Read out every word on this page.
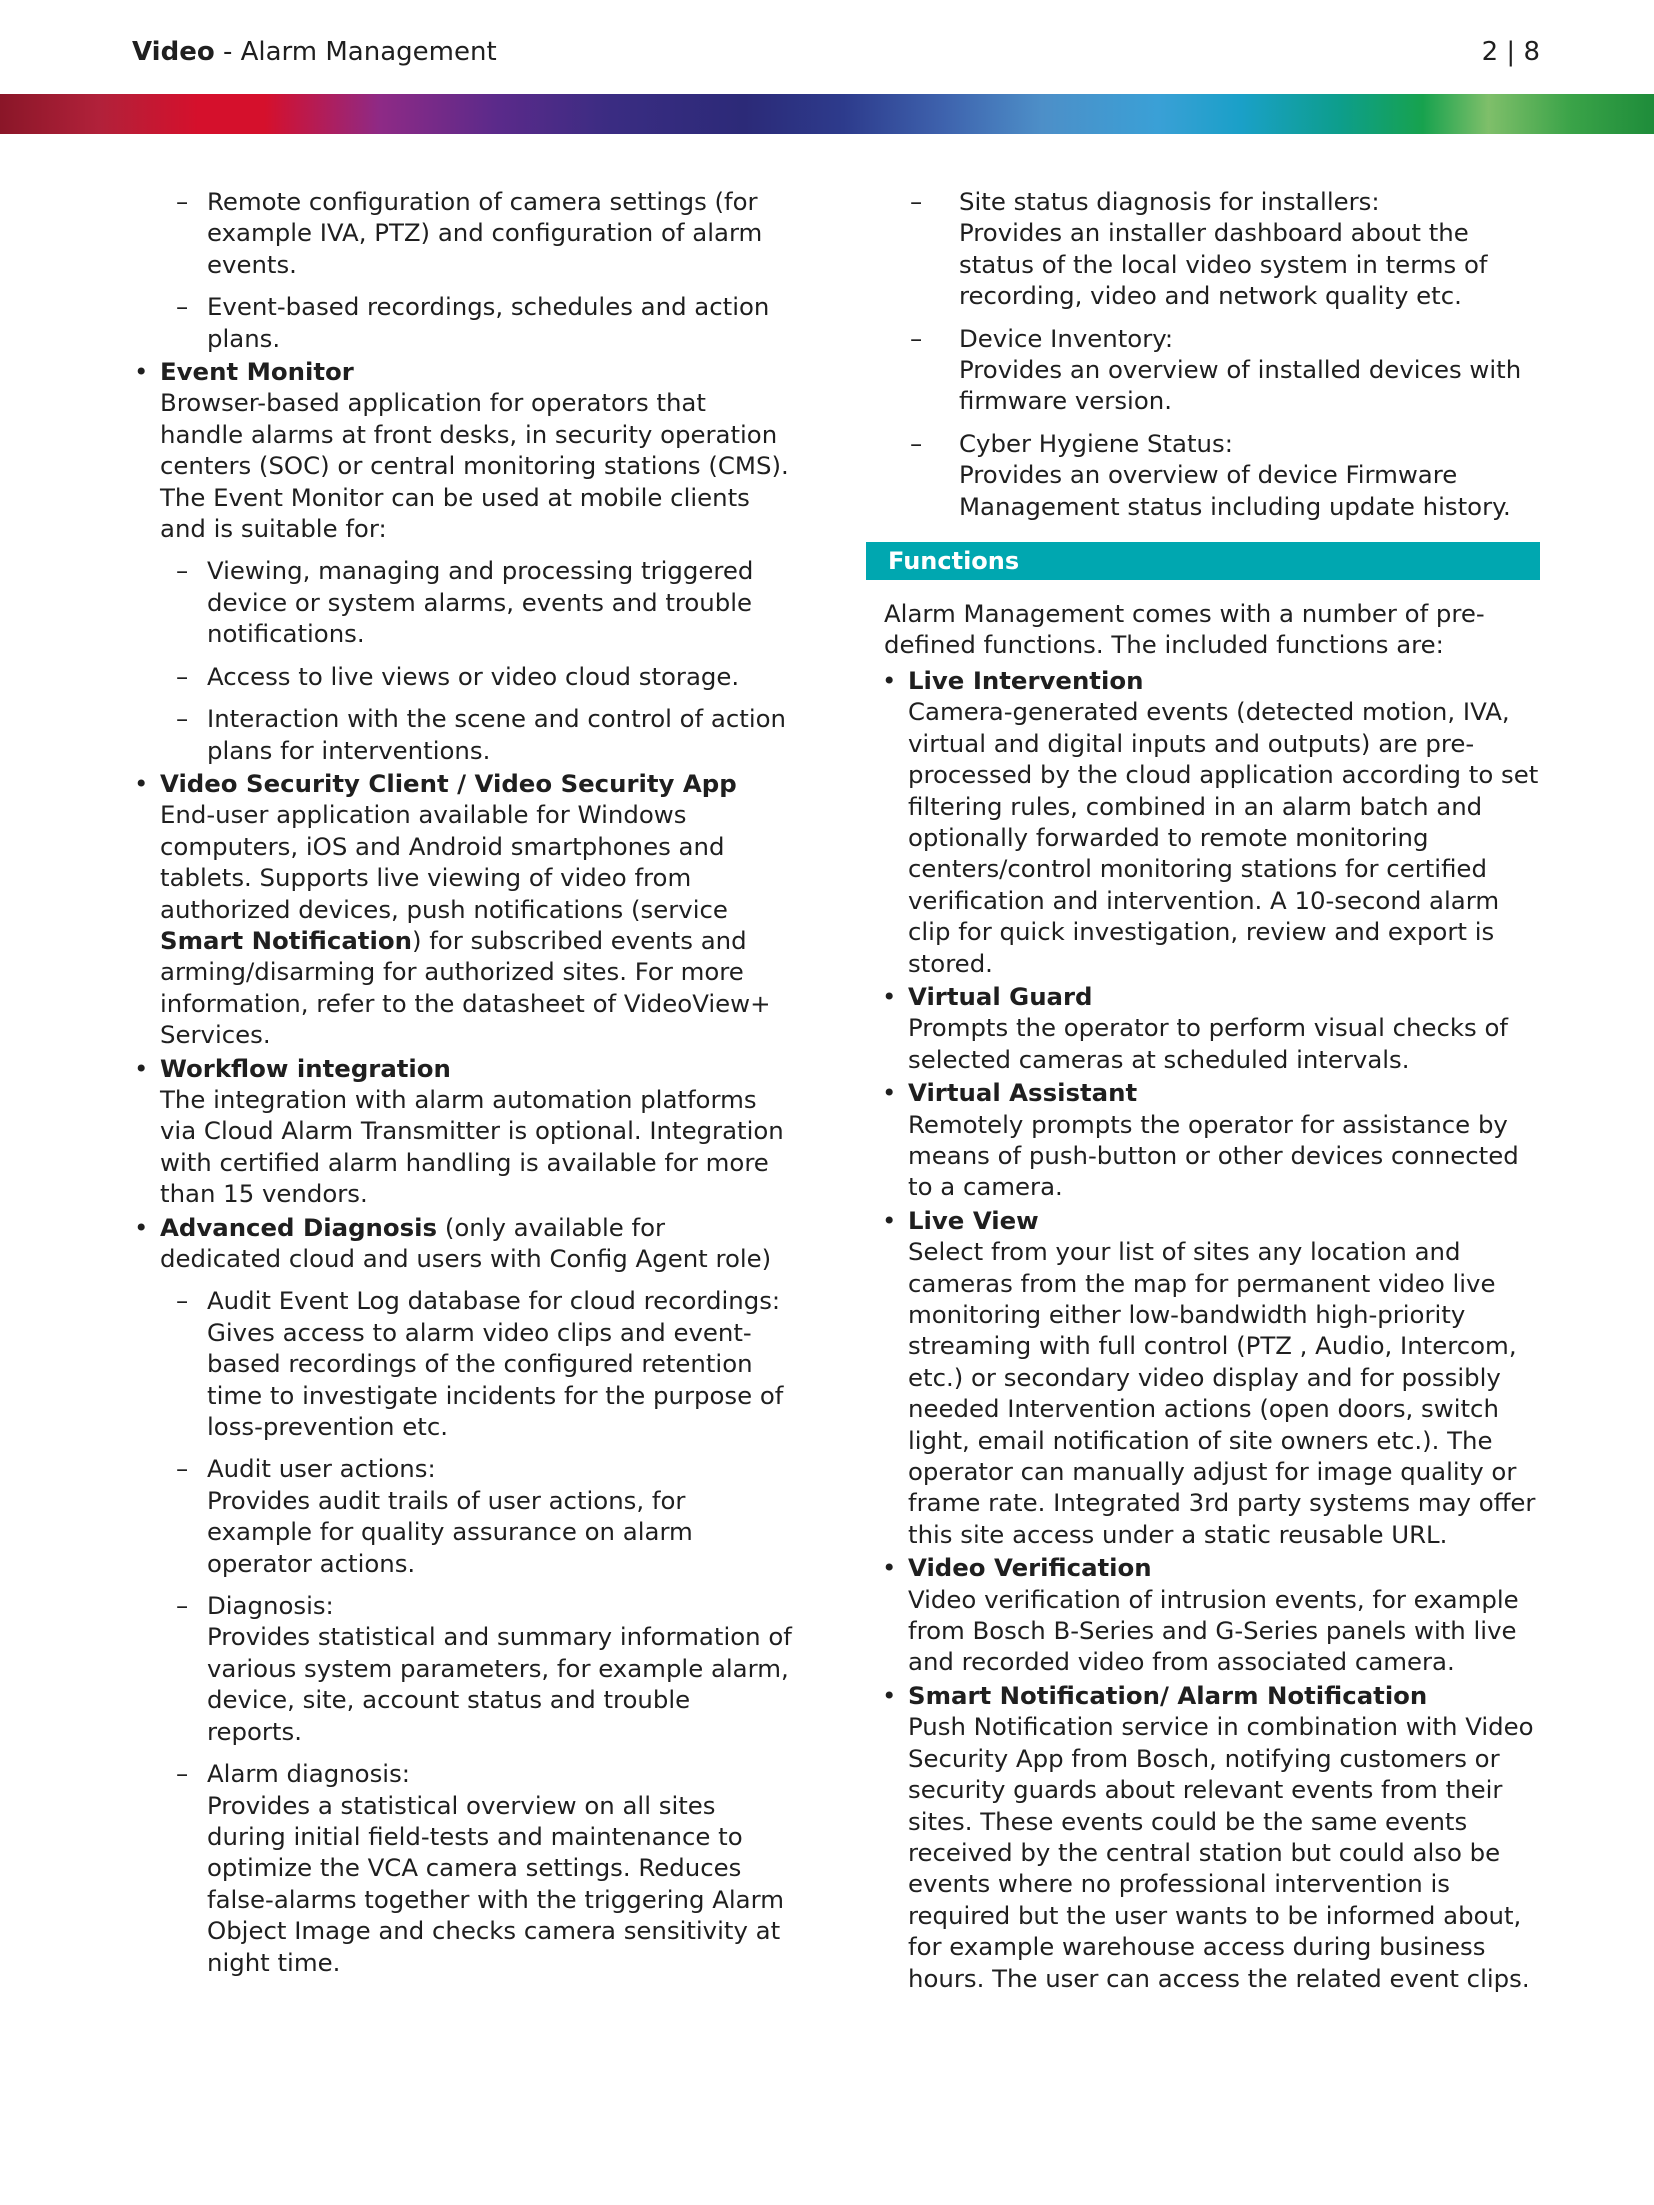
Video - Alarm Management	2 | 8
– Remote configuration of camera settings (for example IVA, PTZ) and configuration of alarm events.
– Event-based recordings, schedules and action plans.
• Event Monitor
Browser-based application for operators that handle alarms at front desks, in security operation centers (SOC) or central monitoring stations (CMS). The Event Monitor can be used at mobile clients and is suitable for:
– Viewing, managing and processing triggered device or system alarms, events and trouble notifications.
– Access to live views or video cloud storage.
– Interaction with the scene and control of action plans for interventions.
• Video Security Client / Video Security App
End-user application available for Windows computers, iOS and Android smartphones and tablets. Supports live viewing of video from authorized devices, push notifications (service Smart Notification) for subscribed events and arming/disarming for authorized sites. For more information, refer to the datasheet of VideoView+ Services.
• Workflow integration
The integration with alarm automation platforms via Cloud Alarm Transmitter is optional. Integration with certified alarm handling is available for more than 15 vendors.
• Advanced Diagnosis (only available for dedicated cloud and users with Config Agent role)
– Audit Event Log database for cloud recordings:
Gives access to alarm video clips and event-based recordings of the configured retention time to investigate incidents for the purpose of loss-prevention etc.
– Audit user actions:
Provides audit trails of user actions, for example for quality assurance on alarm operator actions.
– Diagnosis:
Provides statistical and summary information of various system parameters, for example alarm, device, site, account status and trouble reports.
– Alarm diagnosis:
Provides a statistical overview on all sites during initial field-tests and maintenance to optimize the VCA camera settings. Reduces false-alarms together with the triggering Alarm Object Image and checks camera sensitivity at night time.
– Site status diagnosis for installers:
Provides an installer dashboard about the status of the local video system in terms of recording, video and network quality etc.
– Device Inventory:
Provides an overview of installed devices with firmware version.
– Cyber Hygiene Status:
Provides an overview of device Firmware Management status including update history.
Functions

Alarm Management comes with a number of pre-defined functions. The included functions are:

• Live Intervention
Camera-generated events (detected motion, IVA, virtual and digital inputs and outputs) are pre-processed by the cloud application according to set filtering rules, combined in an alarm batch and optionally forwarded to remote monitoring centers/control monitoring stations for certified verification and intervention. A 10-second alarm clip for quick investigation, review and export is stored.
• Virtual Guard
Prompts the operator to perform visual checks of selected cameras at scheduled intervals.
• Virtual Assistant
Remotely prompts the operator for assistance by means of push-button or other devices connected to a camera.
• Live View
Select from your list of sites any location and cameras from the map for permanent video live monitoring either low-bandwidth high-priority streaming with full control (PTZ , Audio, Intercom, etc.) or secondary video display and for possibly needed Intervention actions (open doors, switch light, email notification of site owners etc.). The operator can manually adjust for image quality or frame rate. Integrated 3rd party systems may offer this site access under a static reusable URL.
• Video Verification
Video verification of intrusion events, for example from Bosch B-Series and G-Series panels with live and recorded video from associated camera.
• Smart Notification/ Alarm Notification
Push Notification service in combination with Video Security App from Bosch, notifying customers or security guards about relevant events from their sites. These events could be the same events received by the central station but could also be events where no professional intervention is required but the user wants to be informed about, for example warehouse access during business hours. The user can access the related event clips.
